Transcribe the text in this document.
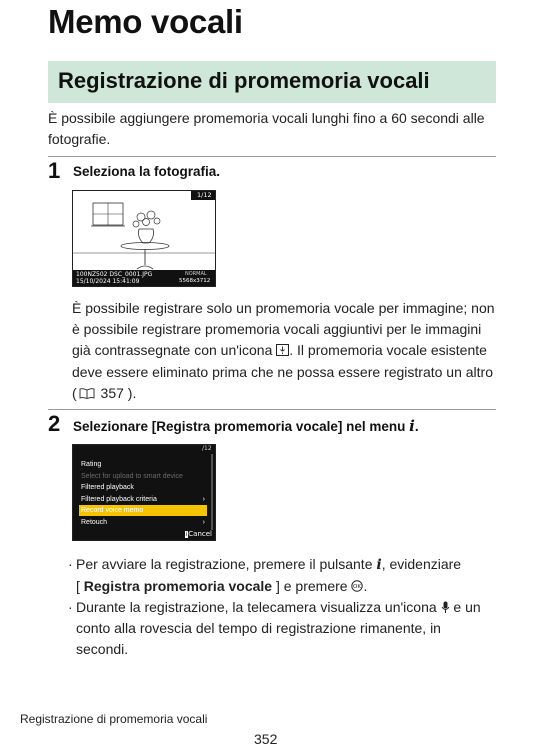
Memo vocali
Registrazione di promemoria vocali
È possibile aggiungere promemoria vocali lunghi fino a 60 secondi alle fotografie.
1 Seleziona la fotografia.
1/12
100NZ502 DSC_0001.JPG
15/10/2024 15:41:09
NORMAL
5568x3712
È possibile registrare solo un promemoria vocale per immagine; non è possibile registrare promemoria vocali aggiuntivi per le immagini già contrassegnate con un'icona . Il promemoria vocale esistente deve essere eliminato prima che ne possa essere registrato un altro ( 357 ).
2 Selezionare [Registra promemoria vocale] nel menu i.
/12
Rating
Select for upload to smart device
Filtered playback
Filtered playback criteria	›
Record voice memo
Retouch	›
iCancel
· Per avviare la registrazione, premere il pulsante i, evidenziare
[ Registra promemoria vocale ] e premere OK .
· Durante la registrazione, la telecamera visualizza un'icona  e un conto alla rovescia del tempo di registrazione rimanente, in secondi.
Registrazione di promemoria vocali
352
